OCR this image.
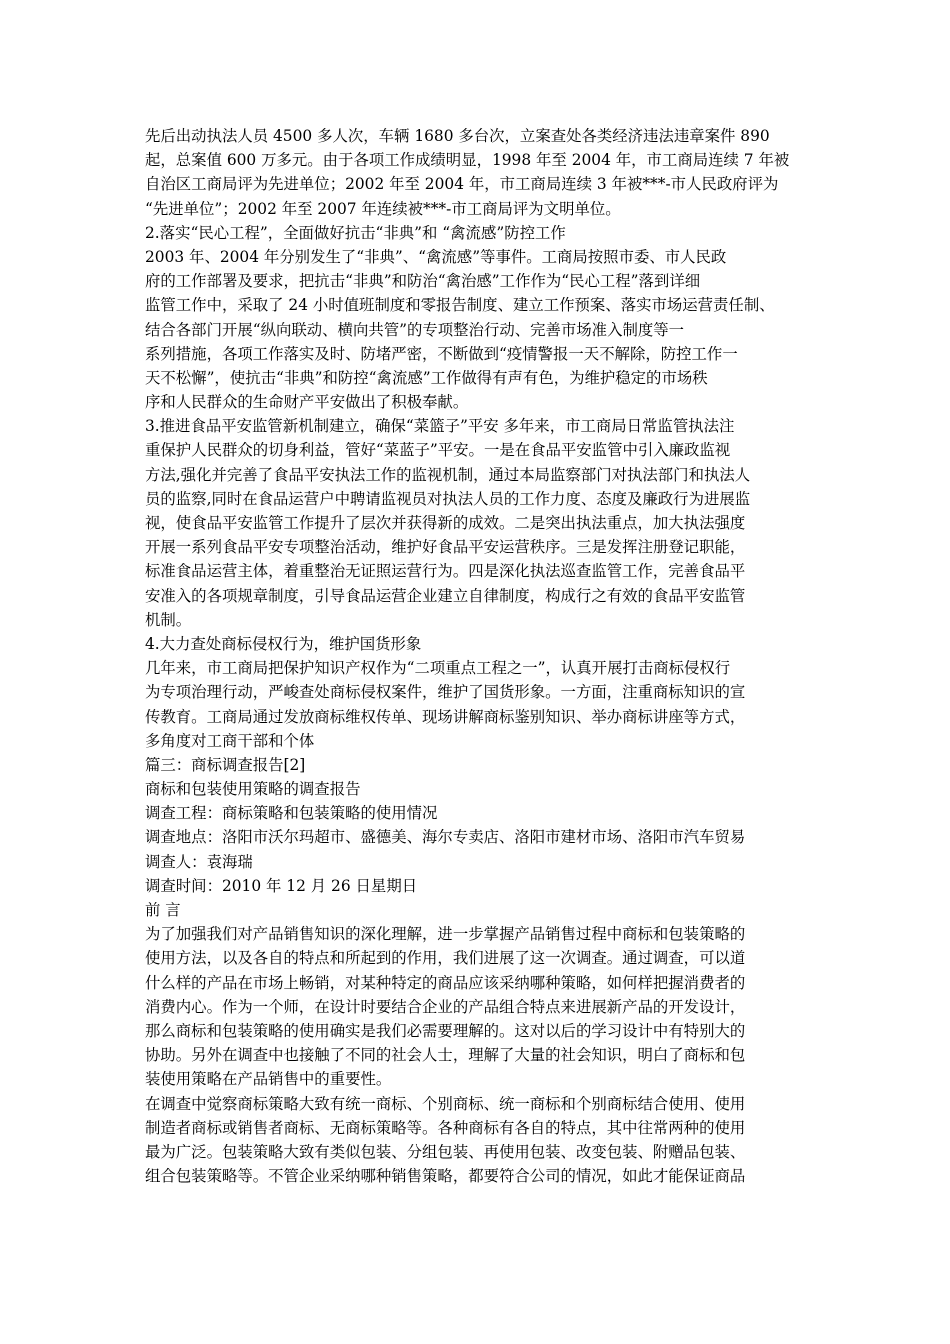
先后出动执法人员 4500 多人次，车辆 1680 多台次，立案查处各类经济违法违章案件 890
起，总案值 600 万多元。由于各项工作成绩明显，1998 年至 2004 年，市工商局连续 7 年被
自治区工商局评为先进单位；2002 年至 2004 年，市工商局连续 3 年被***-市人民政府评为
“先进单位”；2002 年至 2007 年连续被***-市工商局评为文明单位。
2.落实“民心工程”，全面做好抗击“非典”和 “禽流感”防控工作
2003 年、2004 年分别发生了“非典”、“禽流感”等事件。工商局按照市委、市人民政
府的工作部署及要求，把抗击“非典”和防治“禽治感”工作作为“民心工程”落到详细
监管工作中，采取了 24 小时值班制度和零报告制度、建立工作预案、落实市场运营责任制、
结合各部门开展“纵向联动、横向共管”的专项整治行动、完善市场准入制度等一
系列措施，各项工作落实及时、防堵严密，不断做到“疫情警报一天不解除，防控工作一
天不松懈”，使抗击“非典”和防控“禽流感”工作做得有声有色，为维护稳定的市场秩
序和人民群众的生命财产平安做出了积极奉献。
3.推进食品平安监管新机制建立，确保“菜篮子”平安 多年来，市工商局日常监管执法注
重保护人民群众的切身利益，管好“菜蓝子”平安。一是在食品平安监管中引入廉政监视
方法,强化并完善了食品平安执法工作的监视机制，通过本局监察部门对执法部门和执法人
员的监察,同时在食品运营户中聘请监视员对执法人员的工作力度、态度及廉政行为进展监
视，使食品平安监管工作提升了层次并获得新的成效。二是突出执法重点，加大执法强度
开展一系列食品平安专项整治活动，维护好食品平安运营秩序。三是发挥注册登记职能，
标准食品运营主体，着重整治无证照运营行为。四是深化执法巡查监管工作，完善食品平
安准入的各项规章制度，引导食品运营企业建立自律制度，构成行之有效的食品平安监管
机制。
4.大力查处商标侵权行为，维护国货形象
几年来，市工商局把保护知识产权作为“二项重点工程之一”，认真开展打击商标侵权行
为专项治理行动，严峻查处商标侵权案件，维护了国货形象。一方面，注重商标知识的宣
传教育。工商局通过发放商标维权传单、现场讲解商标鉴别知识、举办商标讲座等方式，
多角度对工商干部和个体
篇三：商标调查报告[2]
商标和包装使用策略的调查报告
调查工程：商标策略和包装策略的使用情况
调查地点：洛阳市沃尔玛超市、盛德美、海尔专卖店、洛阳市建材市场、洛阳市汽车贸易
调查人：袁海瑞
调查时间：2010 年 12 月 26 日星期日
前 言
为了加强我们对产品销售知识的深化理解，进一步掌握产品销售过程中商标和包装策略的
使用方法，以及各自的特点和所起到的作用，我们进展了这一次调查。通过调查，可以道
什么样的产品在市场上畅销，对某种特定的商品应该采纳哪种策略，如何样把握消费者的
消费内心。作为一个师，在设计时要结合企业的产品组合特点来进展新产品的开发设计，
那么商标和包装策略的使用确实是我们必需要理解的。这对以后的学习设计中有特别大的
协助。另外在调查中也接触了不同的社会人士，理解了大量的社会知识，明白了商标和包
装使用策略在产品销售中的重要性。
在调查中觉察商标策略大致有统一商标、个别商标、统一商标和个别商标结合使用、使用
制造者商标或销售者商标、无商标策略等。各种商标有各自的特点，其中往常两种的使用
最为广泛。包装策略大致有类似包装、分组包装、再使用包装、改变包装、附赠品包装、
组合包装策略等。不管企业采纳哪种销售策略，都要符合公司的情况，如此才能保证商品
